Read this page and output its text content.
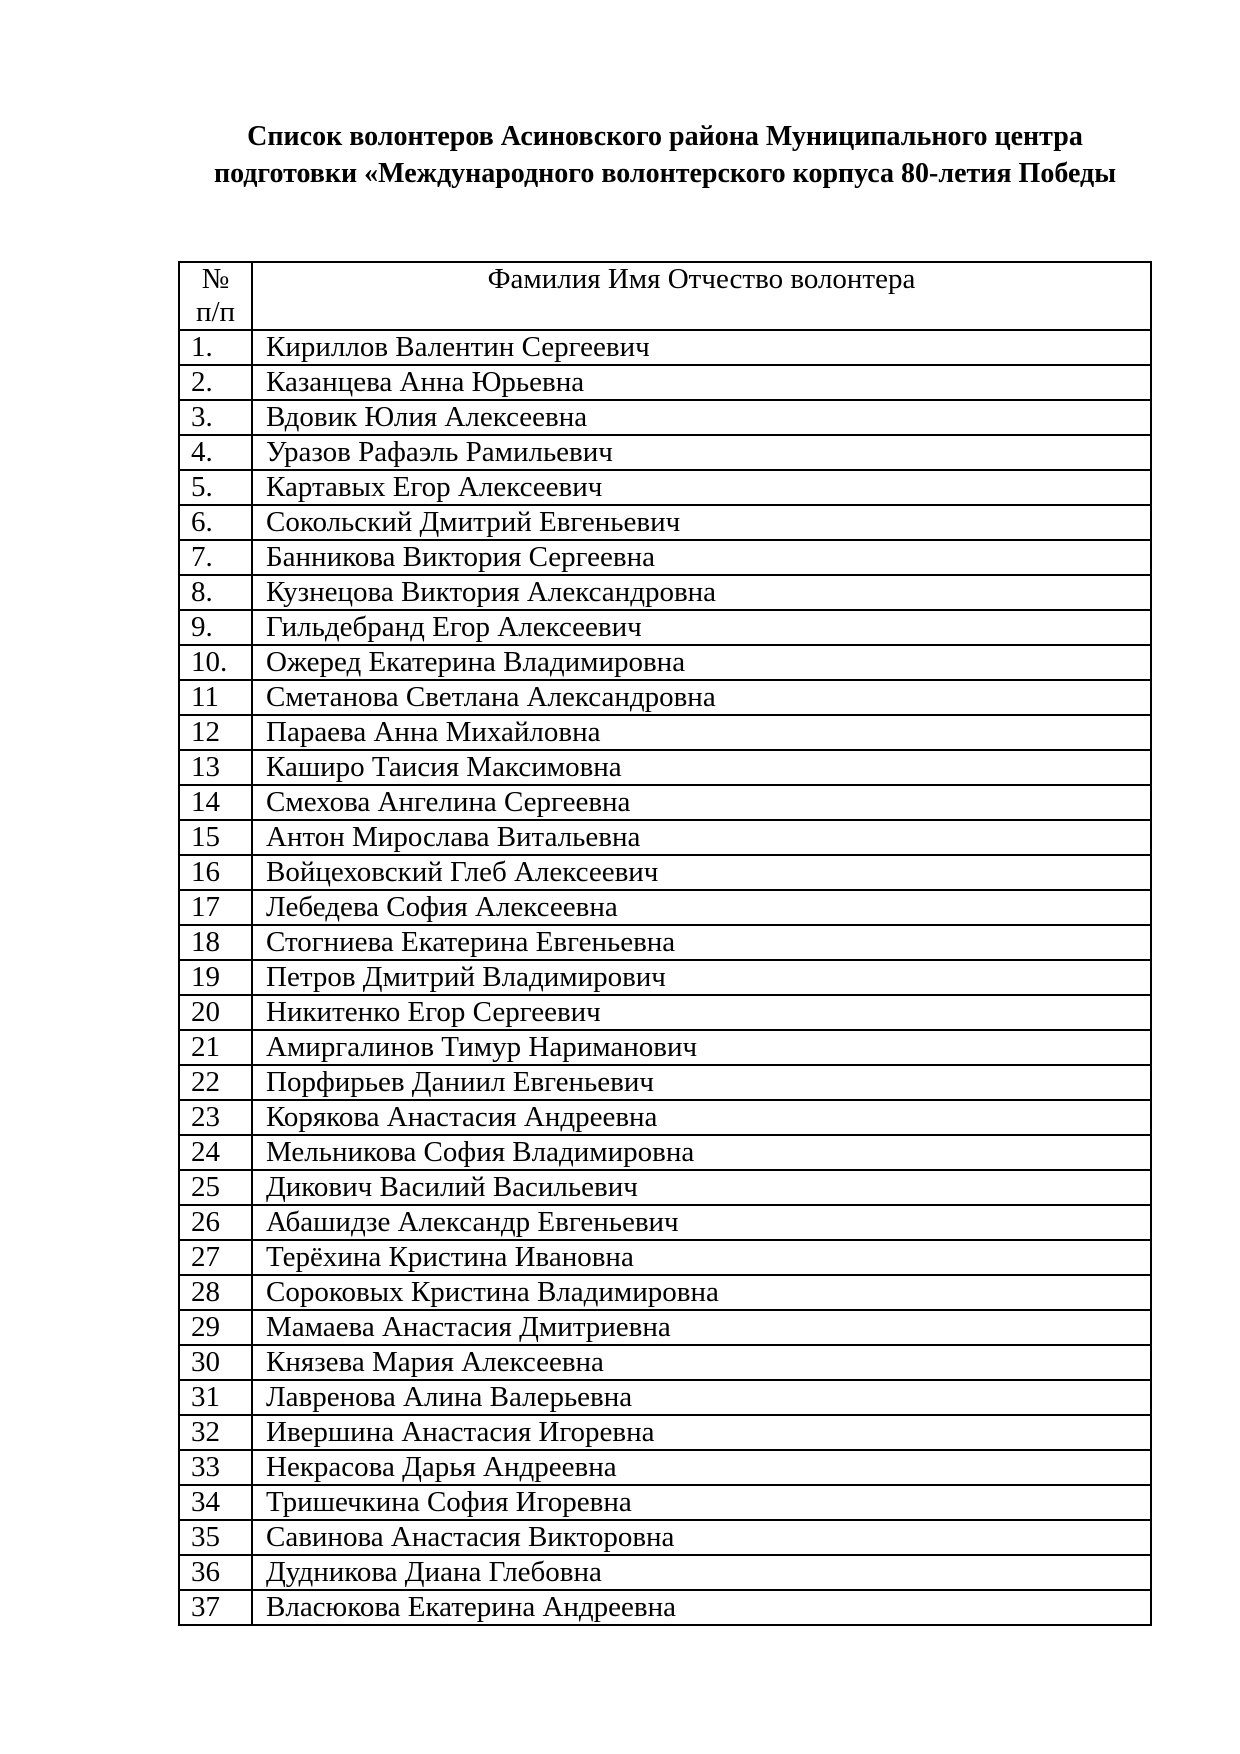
Список волонтеров Асиновского района Муниципального центра
подготовки «Международного волонтерского корпуса 80-летия Победы
№
п/п	Фамилия Имя Отчество волонтера
1.	Кириллов Валентин Сергеевич
2.	Казанцева Анна Юрьевна
3.	Вдовик Юлия Алексеевна
4.	Уразов Рафаэль Рамильевич
5.	Картавых Егор Алексеевич
6.	Сокольский Дмитрий Евгеньевич
7.	Банникова Виктория Сергеевна
8.	Кузнецова Виктория Александровна
9.	Гильдебранд Егор Алексеевич
10.	Ожеред Екатерина Владимировна
11	Сметанова Светлана Александровна
12	Параева Анна Михайловна
13	Каширо Таисия Максимовна
14	Смехова Ангелина Сергеевна
15	Антон Мирослава Витальевна
16	Войцеховский Глеб Алексеевич
17	Лебедева София Алексеевна
18	Стогниева Екатерина Евгеньевна
19	Петров Дмитрий Владимирович
20	Никитенко Егор Сергеевич
21	Амиргалинов Тимур Нариманович
22	Порфирьев Даниил Евгеньевич
23	Корякова Анастасия Андреевна
24	Мельникова София Владимировна
25	Дикович Василий Васильевич
26	Абашидзе Александр Евгеньевич
27	Терёхина Кристина Ивановна
28	Сороковых Кристина Владимировна
29	Мамаева Анастасия Дмитриевна
30	Князева Мария Алексеевна
31	Лавренова Алина Валерьевна
32	Ивершина Анастасия Игоревна
33	Некрасова Дарья Андреевна
34	Тришечкина София Игоревна
35	Савинова Анастасия Викторовна
36	Дудникова Диана Глебовна
37	Власюкова Екатерина Андреевна
